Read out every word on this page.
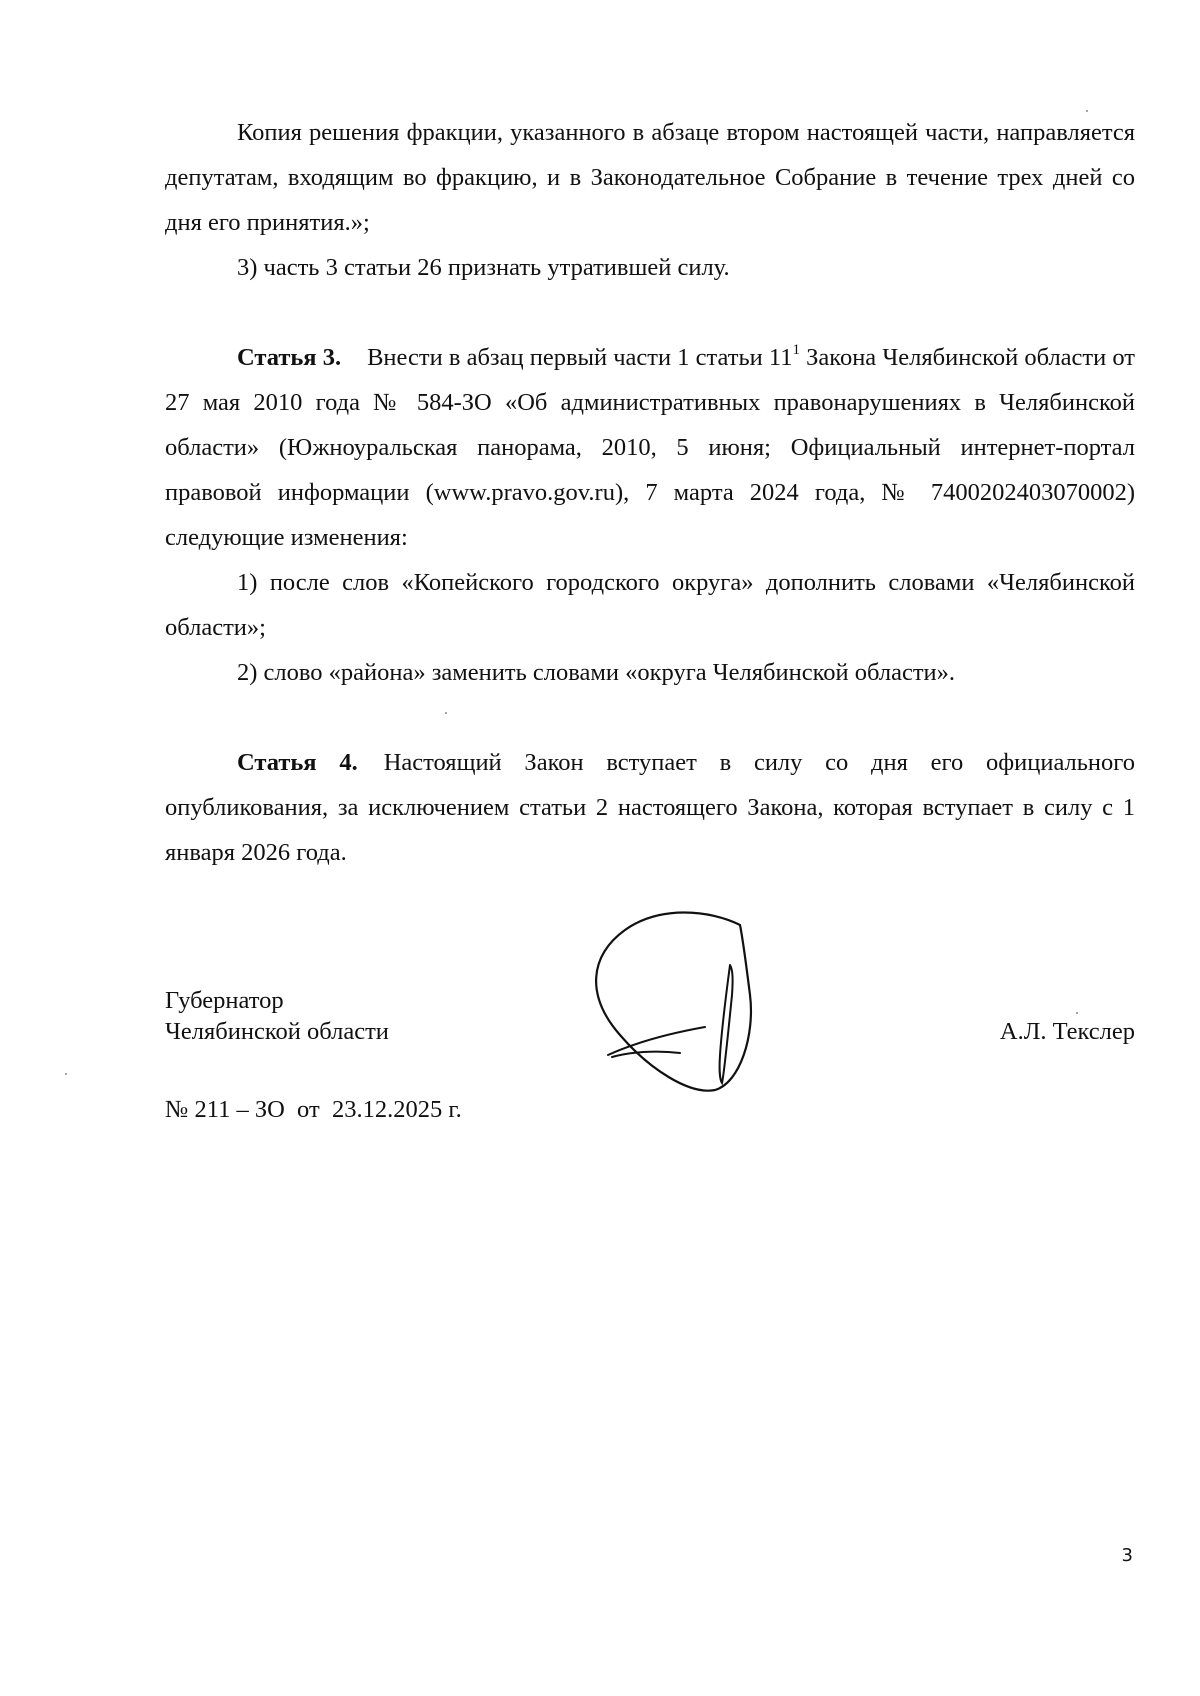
Копия решения фракции, указанного в абзаце втором настоящей части, направляется депутатам, входящим во фракцию, и в Законодательное Собрание в течение трех дней со дня его принятия.»;

3) часть 3 статьи 26 признать утратившей силу.

Статья 3. Внести в абзац первый части 1 статьи $11^1$ Закона Челябинской области от 27 мая 2010 года № 584-ЗО «Об административных правонарушениях в Челябинской области» (Южноуральская панорама, 2010, 5 июня; Официальный интернет-портал правовой информации (www.pravo.gov.ru), 7 марта 2024 года, № 7400202403070002) следующие изменения:

1) после слов «Копейского городского округа» дополнить словами «Челябинской области»;

2) слово «района» заменить словами «округа Челябинской области».

Статья 4. Настоящий Закон вступает в силу со дня его официального опубликования, за исключением статьи 2 настоящего Закона, которая вступает в силу с 1 января 2026 года.

Губернатор
Челябинской области	А.Л. Текслер
№ 211 – ЗО  от  23.12.2025 г.
3
